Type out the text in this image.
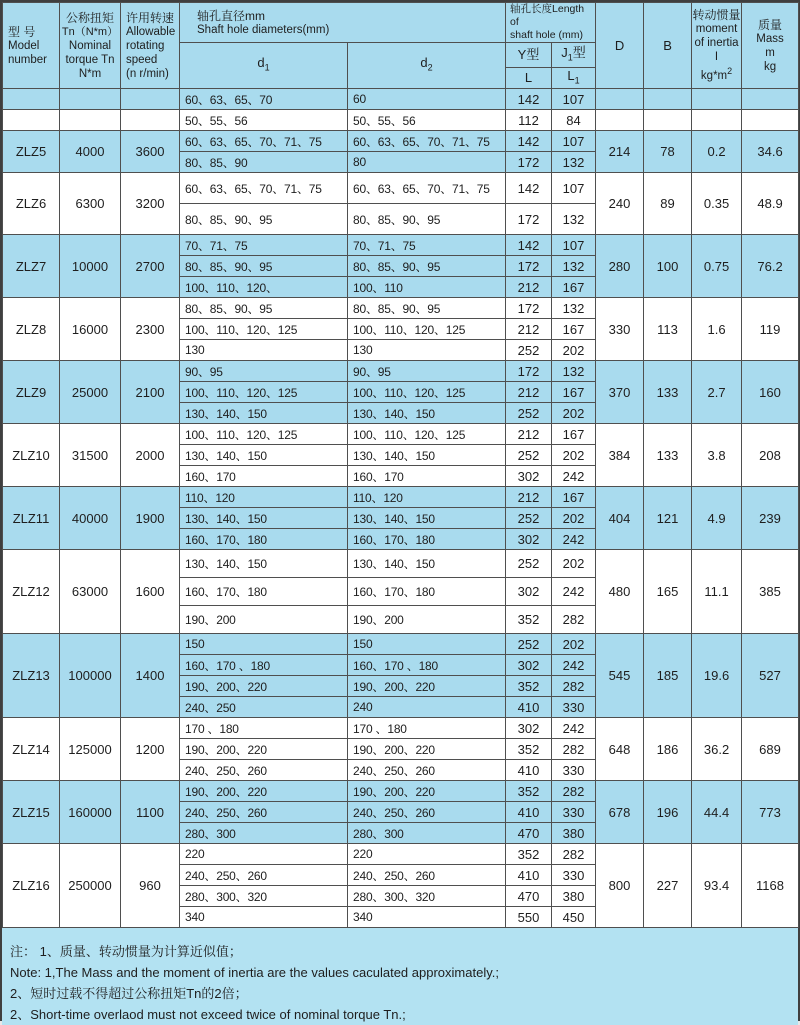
型 号
Model number

公称扭矩
Tn（N*m）
Nominal torque Tn N*m

许用转速
Allowable rotating speed
(n r/min)

轴孔直径mm
Shaft hole diameters(mm)

轴孔长度Length of
shaft hole (mm)
	D	B	
转动惯量
moment of inertia
I
$kg*m^2$

质量
Mass
m
kg

			$d_1$	$d_2$	Y型	$J_1$型				
					L	$L_1$
			60、63、65、70	60	142	107				
			50、55、56	50、55、56	112	84				
ZLZ5	4000	3600	60、63、65、70、71、75	60、63、65、70、71、75	142	107	214	78	0.2	34.6
			80、85、90	80	172	132				
ZLZ6	6300	3200	60、63、65、70、71、75	60、63、65、70、71、75	142	107	240	89	0.35	48.9
			80、85、90、95	80、85、90、95	172	132				
ZLZ7	10000	2700	70、71、75	70、71、75	142	107	280	100	0.75	76.2
			80、85、90、95	80、85、90、95	172	132				
			100、110、120、	100、110	212	167				
ZLZ8	16000	2300	80、85、90、95	80、85、90、95	172	132	330	113	1.6	119
			100、110、120、125	100、110、120、125	212	167				
			130	130	252	202				
ZLZ9	25000	2100	90、95	90、95	172	132	370	133	2.7	160
			100、110、120、125	100、110、120、125	212	167				
			130、140、150	130、140、150	252	202				
ZLZ10	31500	2000	100、110、120、125	100、110、120、125	212	167	384	133	3.8	208
			130、140、150	130、140、150	252	202				
			160、170	160、170	302	242				
ZLZ11	40000	1900	110、120	110、120	212	167	404	121	4.9	239
			130、140、150	130、140、150	252	202				
			160、170、180	160、170、180	302	242				
ZLZ12	63000	1600	130、140、150	130、140、150	252	202	480	165	11.1	385
			160、170、180	160、170、180	302	242				
			190、200	190、200	352	282				
ZLZ13	100000	1400	150	150	252	202	545	185	19.6	527
			160、170 、180	160、170 、180	302	242				
			190、200、220	190、200、220	352	282				
			240、250	240	410	330				
ZLZ14	125000	1200	170 、180	170 、180	302	242	648	186	36.2	689
			190、200、220	190、200、220	352	282				
			240、250、260	240、250、260	410	330				
ZLZ15	160000	1100	190、200、220	190、200、220	352	282	678	196	44.4	773
			240、250、260	240、250、260	410	330				
			280、300	280、300	470	380				
ZLZ16	250000	960	220	220	352	282	800	227	93.4	1168
			240、250、260	240、250、260	410	330				
			280、300、320	280、300、320	470	380				
			340	340	550	450				
注： 1、质量、转动惯量为计算近似值；
Note: 1,The Mass and the moment of inertia are the values caculated approximately.;
2、短时过载不得超过公称扭矩Tn的2倍；
2、Short-time overlaod must not exceed twice of nominal torque Tn.;
